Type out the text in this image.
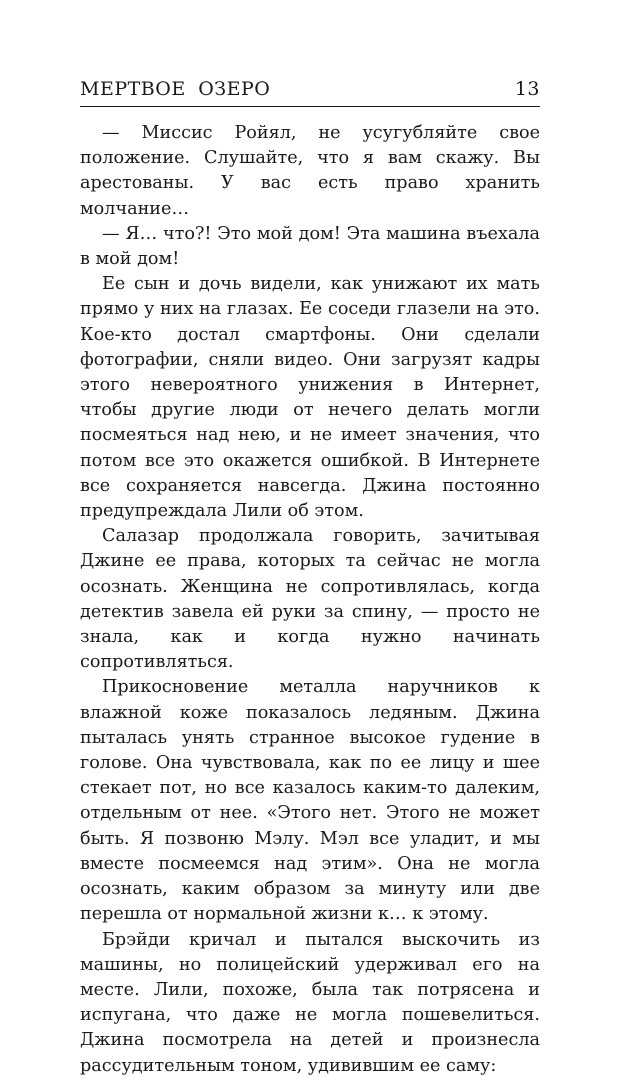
МЕРТВОЕ ОЗЕРО	13

— Миссис Ройял, не усугубляйте свое положение. Слушайте, что я вам скажу. Вы арестованы. У вас есть право хранить молчание…

— Я… что?! Это мой дом! Эта машина въехала в мой дом!

Ее сын и дочь видели, как унижают их мать прямо у них на глазах. Ее соседи глазели на это. Кое-кто достал смартфоны. Они сделали фотографии, сняли видео. Они загрузят кадры этого невероятного унижения в Интернет, чтобы другие люди от нечего делать могли посмеяться над нею, и не имеет значения, что потом все это окажется ошибкой. В Интернете все сохраняется навсегда. Джина постоянно предупреждала Лили об этом.

Салазар продолжала говорить, зачитывая Джине ее права, которых та сейчас не могла осознать. Женщина не сопротивлялась, когда детектив завела ей руки за спину, — просто не знала, как и когда нужно начинать сопротивляться.

Прикосновение металла наручников к влажной коже показалось ледяным. Джина пыталась унять странное высокое гудение в голове. Она чувствовала, как по ее лицу и шее стекает пот, но все казалось каким-то далеким, отдельным от нее. «Этого нет. Этого не может быть. Я позвоню Мэлу. Мэл все уладит, и мы вместе посмеемся над этим». Она не могла осознать, каким образом за минуту или две перешла от нормальной жизни к… к этому.

Брэйди кричал и пытался выскочить из машины, но полицейский удерживал его на месте. Лили, похоже, была так потрясена и испугана, что даже не могла пошевелиться. Джина посмотрела на детей и произнесла рассудительным тоном, удивившим ее саму:
